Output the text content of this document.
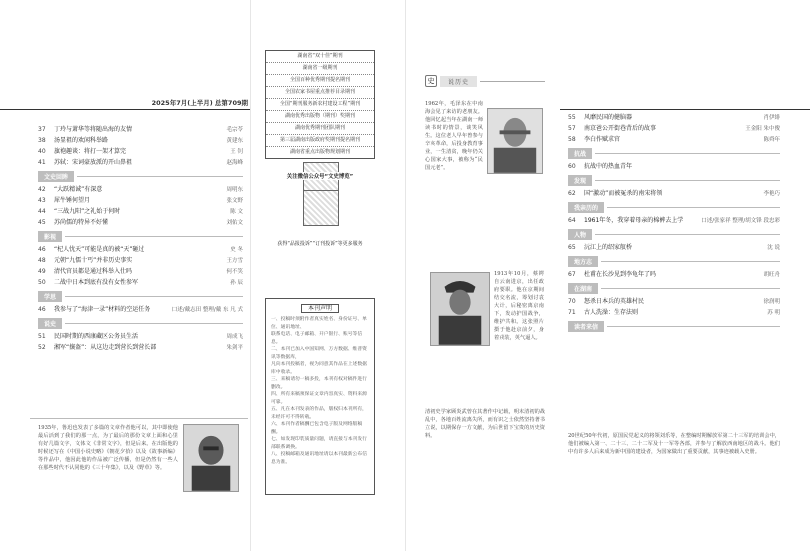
2025年7月(上半月) 总第709期
37	丁玲与萧华等将随出海的友情	毛宗苓
38	汤显祖的欢闲科举路	黄建东
40	旗袍趣谈：将打一架才算完	王 钊
41	苏轼：宋词豪放派的开山鼻祖	赵海峰
文史回眸
42	“大跃精诚”有深意	周明东
43	犀牛锤何望月	张文野
44	“三战九阳”之礼始于何时	陈 文
45	苏尚儒的特异不好懂	刘佑文
影视
46	“杞人忧天”可能是真的被“天”砸过	史 冬
48	元朝“九儒十丐”并非历史事实	王方雪
49	清代官员都是通过科举入仕吗	何不笑
50	二战中日本到底有没有女性参军	孙 辰
学思
46	我参与了“海津一录”材料的空运任务	口述/戴志田 整理/戴 东 凡 式
说史
51	民国时期的西康藏区公务员生活	周成飞
52	湘军“攘盔”：从这边走到营长到营长部	朱剑平
1935年，鲁迅也发表了多篇的文章作者他可以，其中即使他最后活到了我们的那一点，为了最后的那份文章上面和心里有好几篇文字，文体文《非常文字》，但是后来。在出版他的时候还写在《中国小说史略》《朝花夕拾》以及《故事新编》等作品中，他因此他的作品被广泛传播，但是仍然有一些人在那些时代不认同他的《三十年集》，以及《野草》等。
湖南省“双十佳”期刊
湖南省一级期刊
全国百种优秀期刊提名期刊
全国农家书屋重点推荐目录期刊
全国“期刊服务新农村建设工程”期刊
湖南优秀出版物（期刊）奖期刊
湖南优秀期刊团队期刊
第三届湖南出版政府奖期刊提名期刊
湖南省重点出版物规划期刊
关注微信公众号“文史博览”
获得“品报投诉”“订刊投诉”等更多服务
本刊声明
一、投稿时须附作者真实姓名、身份证号、单位、通讯地址、
联系电话、电子邮箱、开户银行、账号等信息。
二、本刊已加入中国知网、万方数据、维普资讯等数据库，
凡向本刊投稿者，视为同意其作品在上述数据库中收录。
三、来稿请勿一稿多投，本刊有权对稿件进行删改。
四、所有来稿须保证文章内容真实、资料来源可靠。
五、凡在本刊发表的作品，版权归本刊所有，未经许可不得转载。
六、本刊作者稿酬已包含电子版及网络版稿酬。
七、如发现印装质量问题，请直接与本刊发行部联系调换。
八、投稿邮箱及通讯地址请以本刊最新公布信息为准。
史	说历史
1962年，毛泽东在中南海会见了来访的老朋友。他回忆起当年在湖南一师读书时的情景，谈笑风生。这位老人早年曾参与辛亥革命，后投身教育事业，一生清贫，晚年仍关心国家大事，被称为“民国元老”。
1913年10月，蔡锷自云南进京，出任政府要职。他在京期间结交名流，筹划讨袁大计，后秘密离京南下，发动护国战争，维护共和。这张照片摄于他赴京前夕，身着戎装，英气逼人。
清初史学家顾炎武曾在其著作中记载，明末清初的战乱中，各地百姓流离失所，而有识之士依然坚持著书立说，以期保存一方文献，为后世留下宝贵的历史资料。
55	风靡民国的健脑器	肖伊緋
57	南京爸公开街巷背后的故事	王金阳 朱中俊
58	李白作赋求官	陈舜年
抗战
60	抗战中的热血青年
发现
62	国“激动”而被冤杀的南宋将领	李艳巧
我亲历的
64	1961年冬，我穿着母亲的棉裤去上学	口述/张家祥 整理/胡文锋 段忠彩
人物
65	沅江上的绍家舣桥	沈 说
地方志
67	杜甫在长沙见到李龟年了吗	胡旺舟
在湖南
70	怒杀日本兵的英雄村民	徐润明
71	古人洗澡：生存法则	苏 明
读者来信
20世纪50年代初，原国民党起义的将领刘乐等，在整编时期解放军第二十三军的培训会中，他们被编入第一、二十三、二十二军及十一军等各部，并参与了解放西南地区的战斗。他们中有许多人后来成为新中国的建设者，为国家做出了重要贡献，其事迹被载入史册。
